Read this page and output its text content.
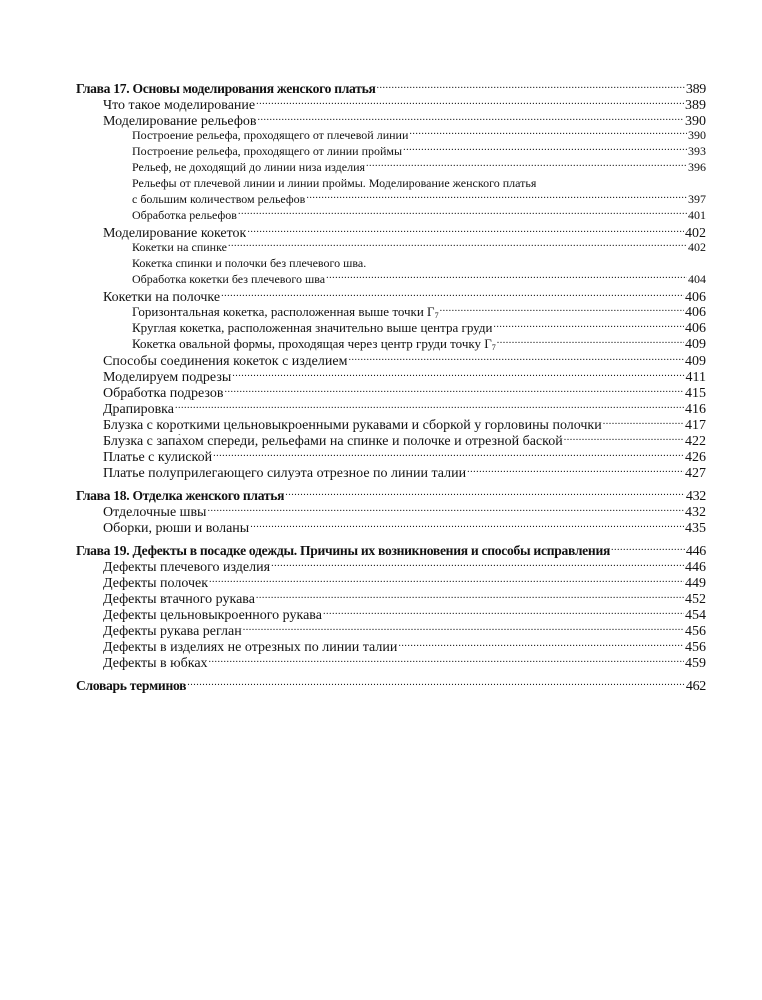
Глава 17. Основы моделирования женского платья .....	389
Что такое моделирование .....	389
Моделирование рельефов .....	390
Построение рельефа, проходящего от плечевой линии .....	390
Построение рельефа, проходящего от линии проймы .....	393
Рельеф, не доходящий до линии низа изделия .....	396
Рельефы от плечевой линии и линии проймы. Моделирование женского платья
с большим количеством рельефов .....	397
Обработка рельефов .....	401
Моделирование кокеток .....	402
Кокетки на спинке .....	402
Кокетка спинки и полочки без плечевого шва.
Обработка кокетки без плечевого шва .....	404
Кокетки на полочке .....	406
Горизонтальная кокетка, расположенная выше точки $Г_7$ .....	406
Круглая кокетка, расположенная значительно выше центра груди .....	406
Кокетка овальной формы, проходящая через центр груди точку $Г_7$ .....	409
Способы соединения кокеток с изделием .....	409
Моделируем подрезы .....	411
Обработка подрезов .....	415
Драпировка .....	416
Блузка с короткими цельновыкроенными рукавами и сборкой у горловины полочки .....	417
Блузка с запа́хом спереди, рельефами на спинке и полочке и отрезной баской .....	422
Платье с кулиской .....	426
Платье полуприлегающего силуэта отрезное по линии талии .....	427
Глава 18. Отделка женского платья .....	432
Отделочные швы .....	432
Оборки, рюши и воланы .....	435
Глава 19. Дефекты в посадке одежды. Причины их возникновения и способы исправления .....	446
Дефекты плечевого изделия .....	446
Дефекты полочек .....	449
Дефекты втачного рукава .....	452
Дефекты цельновыкроенного рукава .....	454
Дефекты рукава реглан .....	456
Дефекты в изделиях не отрезных по линии талии .....	456
Дефекты в юбках .....	459
Словарь терминов .....	462
